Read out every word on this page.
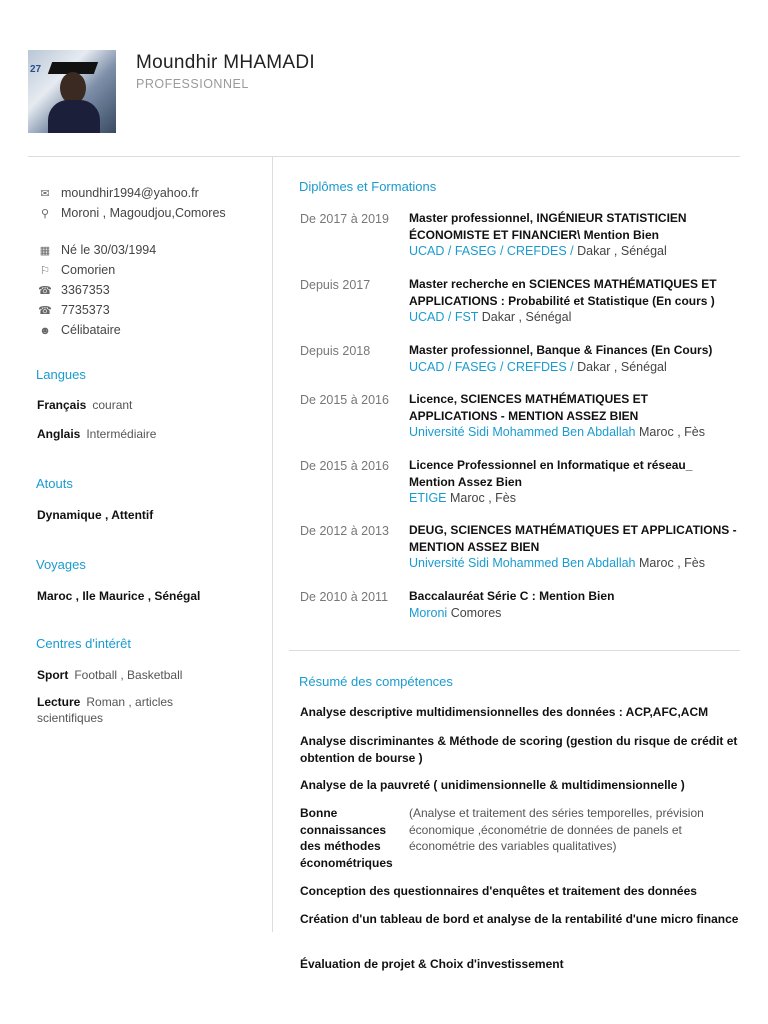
27	Moundhir MHAMADI
PROFESSIONNEL
✉ moundhir1994@yahoo.fr
⚲ Moroni , Magoudjou,Comores
▦ Né le 30/03/1994
⚐ Comorien
☎ 3367353
☎ 7735373
☻ Célibataire
Langues
Français courant
Anglais Intermédiaire
Atouts
Dynamique , Attentif
Voyages
Maroc , Ile Maurice , Sénégal
Centres d'intérêt
Sport Football , Basketball
Lecture Roman , articles scientifiques
Diplômes et Formations
De 2017 à 2019 Master professionnel, INGÉNIEUR STATISTICIEN ÉCONOMISTE ET FINANCIER\ Mention Bien
UCAD / FASEG / CREFDES / Dakar , Sénégal
Depuis 2017	Master recherche en SCIENCES MATHÉMATIQUES ET APPLICATIONS : Probabilité et Statistique (En cours )
UCAD / FST Dakar , Sénégal
Depuis 2018	Master professionnel, Banque & Finances (En Cours)
UCAD / FASEG / CREFDES / Dakar , Sénégal
De 2015 à 2016 Licence, SCIENCES MATHÉMATIQUES ET APPLICATIONS - MENTION ASSEZ BIEN
Université Sidi Mohammed Ben Abdallah Maroc , Fès
De 2015 à 2016 Licence Professionnel en Informatique et réseau_ Mention Assez Bien
ETIGE Maroc , Fès
De 2012 à 2013 DEUG, SCIENCES MATHÉMATIQUES ET APPLICATIONS - MENTION ASSEZ BIEN
Université Sidi Mohammed Ben Abdallah Maroc , Fès
De 2010 à 2011 Baccalauréat Série C : Mention Bien
Moroni Comores
Résumé des compétences
Analyse descriptive multidimensionnelles des données : ACP,AFC,ACM
Analyse discriminantes & Méthode de scoring (gestion du risque de crédit et obtention de bourse )
Analyse de la pauvreté ( unidimensionnelle & multidimensionnelle )
Bonne connaissances des méthodes économétriques
(Analyse et traitement des séries temporelles, prévision économique ,économétrie de données de panels et économétrie des variables qualitatives)
Conception des questionnaires d'enquêtes et traitement des données
Création d'un tableau de bord et analyse de la rentabilité d'une micro finance
Évaluation de projet & Choix d'investissement
